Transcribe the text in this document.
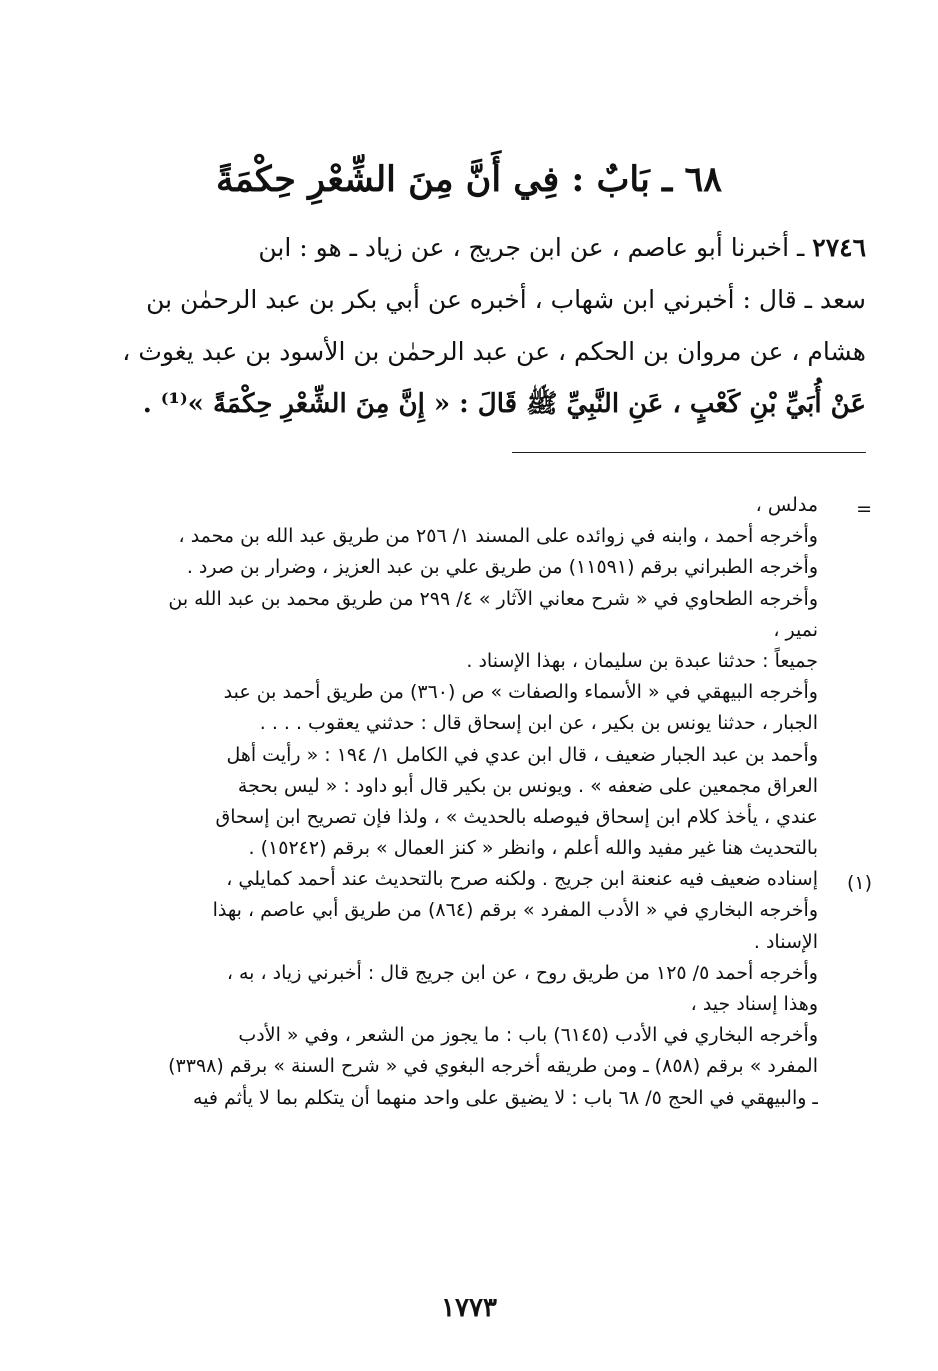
٦٨ ـ بَابٌ : فِي أَنَّ مِنَ الشِّعْرِ حِكْمَةً
٢٧٤٦ ـ أخبرنا أبو عاصم ، عن ابن جريج ، عن زياد ـ هو : ابن
سعد ـ قال : أخبرني ابن شهاب ، أخبره عن أبي بكر بن عبد الرحمٰن بن
هشام ، عن مروان بن الحكم ، عن عبد الرحمٰن بن الأسود بن عبد يغوث ،
عَنْ أُبَيِّ بْنِ كَعْبٍ ، عَنِ النَّبِيِّ ﷺ قَالَ : « إِنَّ مِنَ الشِّعْرِ حِكْمَةً »⁽¹⁾ .
=
مدلس ،
وأخرجه أحمد ، وابنه في زوائده على المسند ١/ ٢٥٦ من طريق عبد الله بن محمد ،
وأخرجه الطبراني برقم (١١٥٩١) من طريق علي بن عبد العزيز ، وضرار بن صرد .
وأخرجه الطحاوي في « شرح معاني الآثار » ٤/ ٢٩٩ من طريق محمد بن عبد الله بن
نمير ،
جميعاً : حدثنا عبدة بن سليمان ، بهذا الإسناد .
وأخرجه البيهقي في « الأسماء والصفات » ص (٣٦٠) من طريق أحمد بن عبد
الجبار ، حدثنا يونس بن بكير ، عن ابن إسحاق قال : حدثني يعقوب . . . .
وأحمد بن عبد الجبار ضعيف ، قال ابن عدي في الكامل ١/ ١٩٤ : « رأيت أهل
العراق مجمعين على ضعفه » . ويونس بن بكير قال أبو داود : « ليس بحجة
عندي ، يأخذ كلام ابن إسحاق فيوصله بالحديث » ، ولذا فإن تصريح ابن إسحاق
بالتحديث هنا غير مفيد والله أعلم ، وانظر « كنز العمال » برقم (١٥٢٤٢) .
(١)
إسناده ضعيف فيه عنعنة ابن جريج . ولكنه صرح بالتحديث عند أحمد كمايلي ،
وأخرجه البخاري في « الأدب المفرد » برقم (٨٦٤) من طريق أبي عاصم ، بهذا
الإسناد .
وأخرجه أحمد ٥/ ١٢٥ من طريق روح ، عن ابن جريج قال : أخبرني زياد ، به ،
وهذا إسناد جيد ،
وأخرجه البخاري في الأدب (٦١٤٥) باب : ما يجوز من الشعر ، وفي « الأدب
المفرد » برقم (٨٥٨) ـ ومن طريقه أخرجه البغوي في « شرح السنة » برقم (٣٣٩٨)
ـ والبيهقي في الحج ٥/ ٦٨ باب : لا يضيق على واحد منهما أن يتكلم بما لا يأثم فيه
١٧٧٣
